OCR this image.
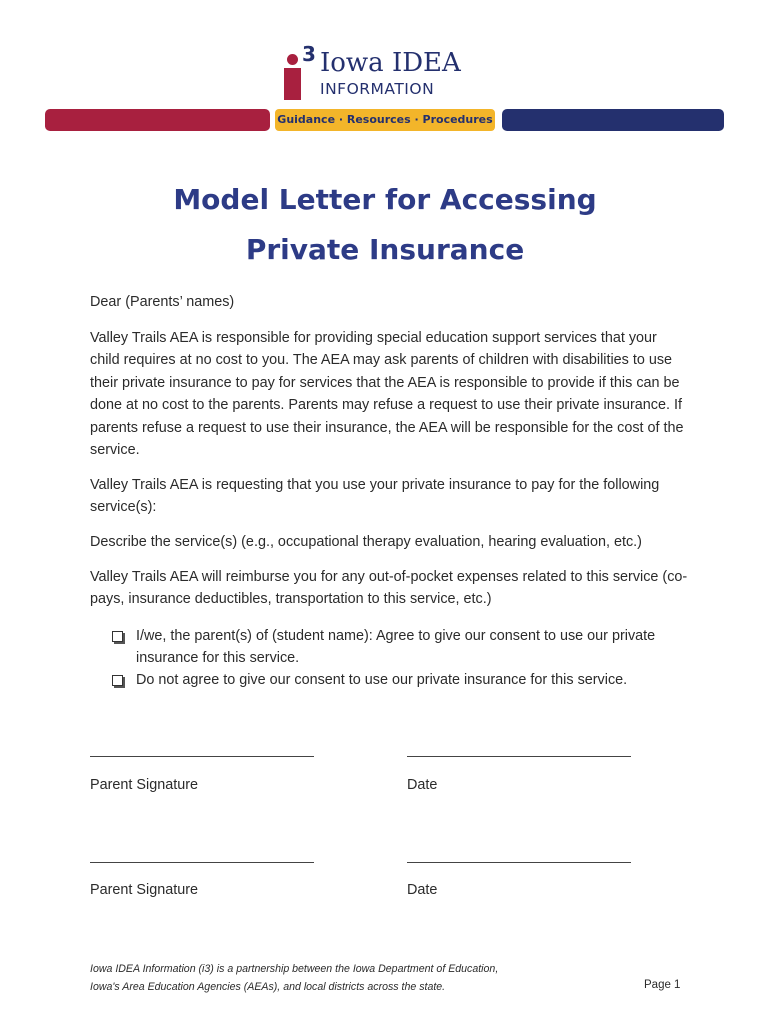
3 Iowa IDEA
INFORMATION
Guidance · Resources · Procedures
Model Letter for Accessing
Private Insurance
Dear (Parents’ names)
Valley Trails AEA is responsible for providing special education support services that your child requires at no cost to you. The AEA may ask parents of children with disabilities to use their private insurance to pay for services that the AEA is responsible to provide if this can be done at no cost to the parents. Parents may refuse a request to use their private insurance. If parents refuse a request to use their insurance, the AEA will be responsible for the cost of the service.
Valley Trails AEA is requesting that you use your private insurance to pay for the following service(s):
Describe the service(s) (e.g., occupational therapy evaluation, hearing evaluation, etc.)
Valley Trails AEA will reimburse you for any out-of-pocket expenses related to this service (co-pays, insurance deductibles, transportation to this service, etc.)
I/we, the parent(s) of (student name): Agree to give our consent to use our private insurance for this service.
Do not agree to give our consent to use our private insurance for this service.
Parent Signature	Date
Parent Signature	Date
Iowa IDEA Information (i3) is a partnership between the Iowa Department of Education,
Iowa's Area Education Agencies (AEAs), and local districts across the state.	Page 1
